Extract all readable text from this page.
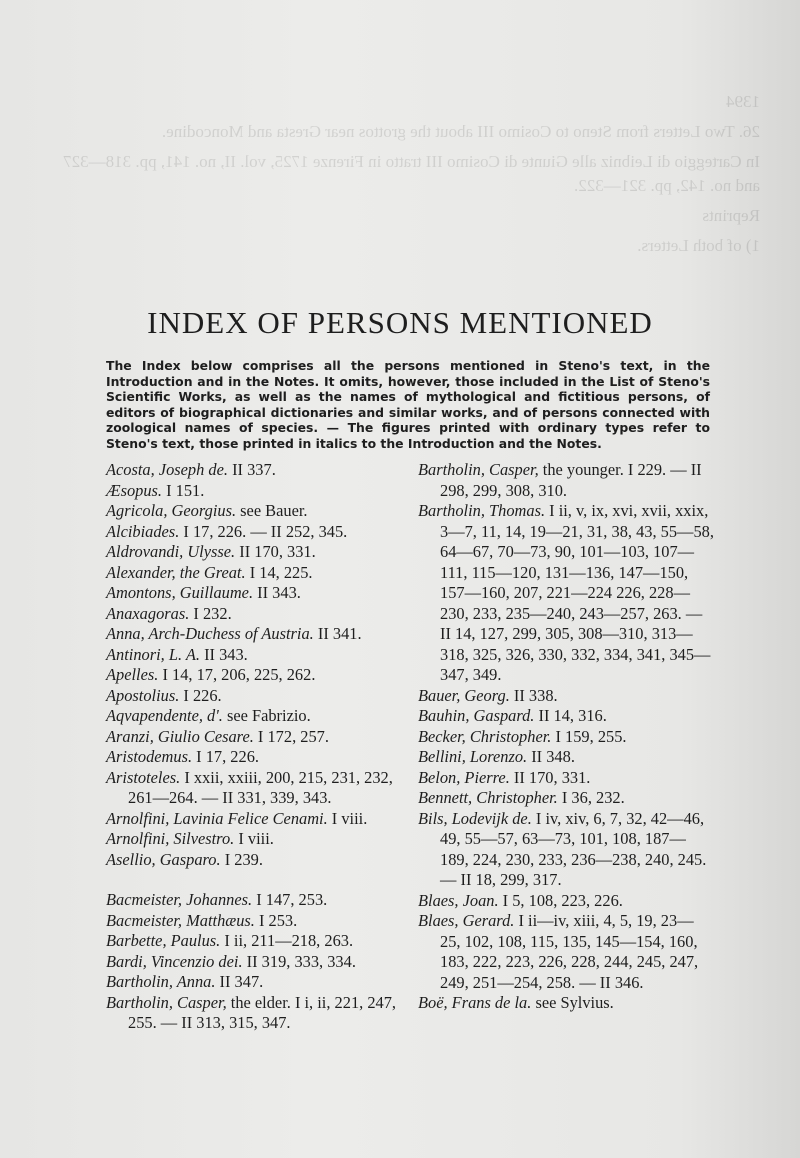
1394

26. Two Letters from Steno to Cosimo III about the grottos near Gresta and Moncodine.

In Carteggio di Leibniz alle Giunte di Cosimo III tratto in Firenze 1725, vol. II, no. 141, pp. 318—327 and no. 142, pp. 321—322.

Reprints

1) of both Letters.

INDEX OF PERSONS MENTIONED

The Index below comprises all the persons mentioned in Steno's text, in the Introduction and in the Notes. It omits, however, those included in the List of Steno's Scientific Works, as well as the names of mythological and fictitious persons, of editors of biographical dictionaries and similar works, and of persons connected with zoological names of species. — The figures printed with ordinary types refer to Steno's text, those printed in italics to the Introduction and the Notes.

Acosta, Joseph de. II 337.
Æsopus. I 151.
Agricola, Georgius. see Bauer.
Alcibiades. I 17, 226. — II 252, 345.
Aldrovandi, Ulysse. II 170, 331.
Alexander, the Great. I 14, 225.
Amontons, Guillaume. II 343.
Anaxagoras. I 232.
Anna, Arch-Duchess of Austria. II 341.
Antinori, L. A. II 343.
Apelles. I 14, 17, 206, 225, 262.
Apostolius. I 226.
Aqvapendente, d'. see Fabrizio.
Aranzi, Giulio Cesare. I 172, 257.
Aristodemus. I 17, 226.
Aristoteles. I xxii, xxiii, 200, 215, 231, 232, 261—264. — II 331, 339, 343.
Arnolfini, Lavinia Felice Cenami. I viii.
Arnolfini, Silvestro. I viii.
Asellio, Gasparo. I 239.
Bacmeister, Johannes. I 147, 253.
Bacmeister, Matthæus. I 253.
Barbette, Paulus. I ii, 211—218, 263.
Bardi, Vincenzio dei. II 319, 333, 334.
Bartholin, Anna. II 347.
Bartholin, Casper, the elder. I i, ii, 221, 247, 255. — II 313, 315, 347.
Bartholin, Casper, the younger. I 229. — II 298, 299, 308, 310.
Bartholin, Thomas. I ii, v, ix, xvi, xvii, xxix, 3—7, 11, 14, 19—21, 31, 38, 43, 55—58, 64—67, 70—73, 90, 101—103, 107—111, 115—120, 131—136, 147—150, 157—160, 207, 221—224 226, 228—230, 233, 235—240, 243—257, 263. — II 14, 127, 299, 305, 308—310, 313—318, 325, 326, 330, 332, 334, 341, 345—347, 349.
Bauer, Georg. II 338.
Bauhin, Gaspard. II 14, 316.
Becker, Christopher. I 159, 255.
Bellini, Lorenzo. II 348.
Belon, Pierre. II 170, 331.
Bennett, Christopher. I 36, 232.
Bils, Lodevijk de. I iv, xiv, 6, 7, 32, 42—46, 49, 55—57, 63—73, 101, 108, 187—189, 224, 230, 233, 236—238, 240, 245. — II 18, 299, 317.
Blaes, Joan. I 5, 108, 223, 226.
Blaes, Gerard. I ii—iv, xiii, 4, 5, 19, 23—25, 102, 108, 115, 135, 145—154, 160, 183, 222, 223, 226, 228, 244, 245, 247, 249, 251—254, 258. — II 346.
Boë, Frans de la. see Sylvius.
